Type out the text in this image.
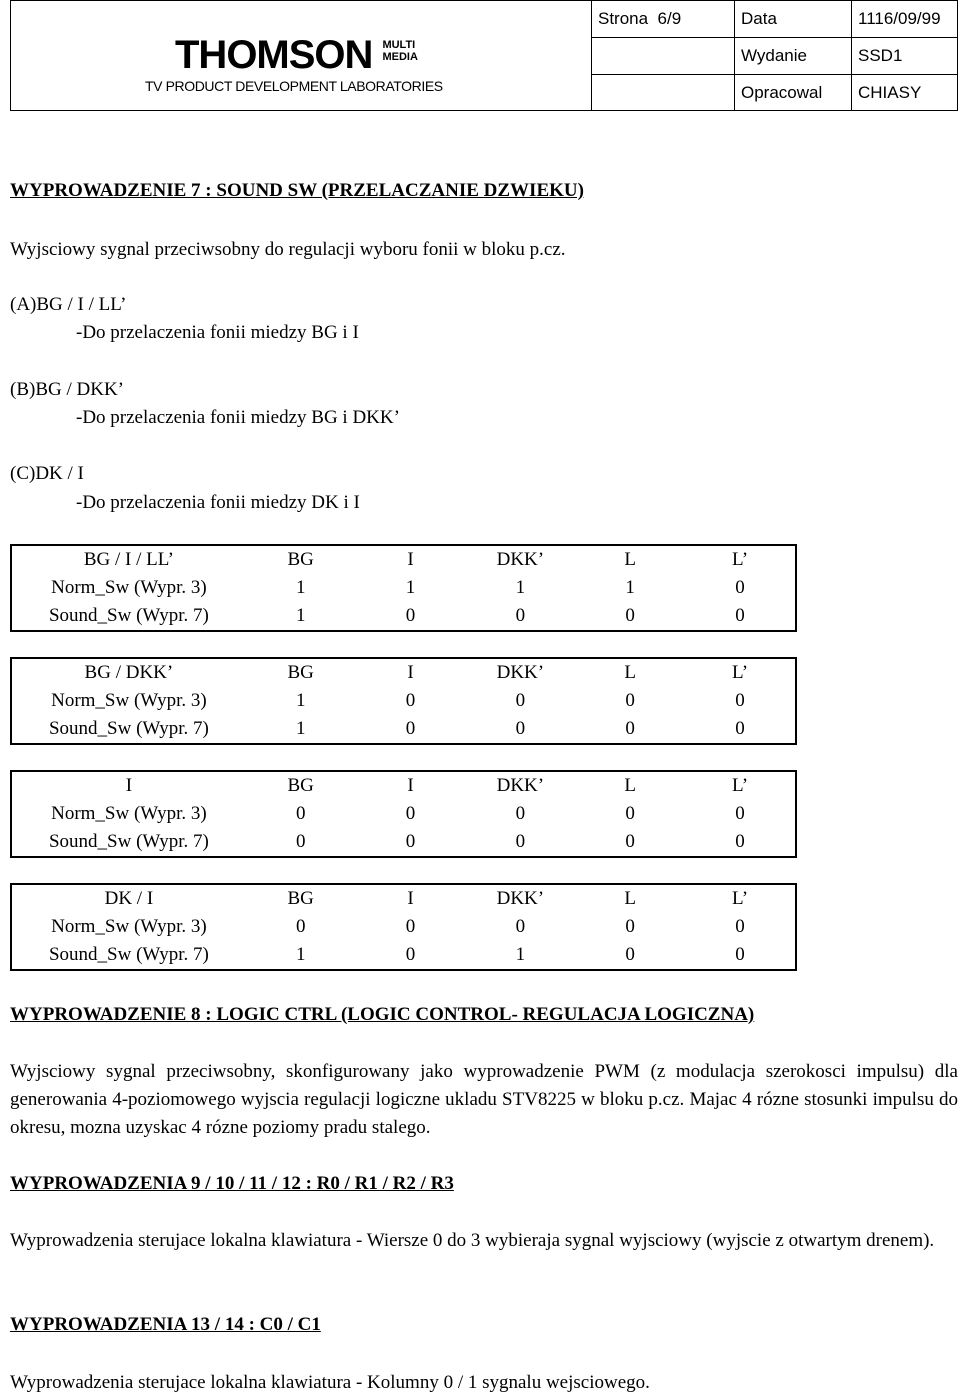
THOMSON MULTI
MEDIA
TV PRODUCT DEVELOPMENT LABORATORIES
Strona 6/9	Data	1116/09/99
	Wydanie	SSD1
	Opracowal	CHIASY
WYPROWADZENIE 7 : SOUND SW (PRZELACZANIE DZWIEKU)
Wyjsciowy sygnal przeciwsobny do regulacji wyboru fonii w bloku p.cz.
(A)BG / I / LL’
-Do przelaczenia fonii miedzy BG i I
(B)BG / DKK’
-Do przelaczenia fonii miedzy BG i DKK’
(C)DK / I
-Do przelaczenia fonii miedzy DK i I
BG / I / LL’	BG	I	DKK’	L	L’
Norm_Sw (Wypr. 3)	1	1	1	1	0
Sound_Sw (Wypr. 7)	1	0	0	0	0
BG / DKK’	BG	I	DKK’	L	L’
Norm_Sw (Wypr. 3)	1	0	0	0	0
Sound_Sw (Wypr. 7)	1	0	0	0	0
I	BG	I	DKK’	L	L’
Norm_Sw (Wypr. 3)	0	0	0	0	0
Sound_Sw (Wypr. 7)	0	0	0	0	0
DK / I	BG	I	DKK’	L	L’
Norm_Sw (Wypr. 3)	0	0	0	0	0
Sound_Sw (Wypr. 7)	1	0	1	0	0
WYPROWADZENIE 8 : LOGIC CTRL (LOGIC CONTROL- REGULACJA LOGICZNA)
Wyjsciowy sygnal przeciwsobny, skonfigurowany jako wyprowadzenie PWM (z modulacja szerokosci impulsu) dla generowania 4-poziomowego wyjscia regulacji logiczne ukladu STV8225 w bloku p.cz. Majac 4 rózne stosunki impulsu do okresu, mozna uzyskac 4 rózne poziomy pradu stalego.
WYPROWADZENIA 9 / 10 / 11 / 12 : R0 / R1 / R2 / R3
Wyprowadzenia sterujace lokalna klawiatura - Wiersze 0 do 3 wybieraja sygnal wyjsciowy (wyjscie z otwartym drenem).
WYPROWADZENIA 13 / 14 : C0 / C1
Wyprowadzenia sterujace lokalna klawiatura - Kolumny 0 / 1 sygnalu wejsciowego.
